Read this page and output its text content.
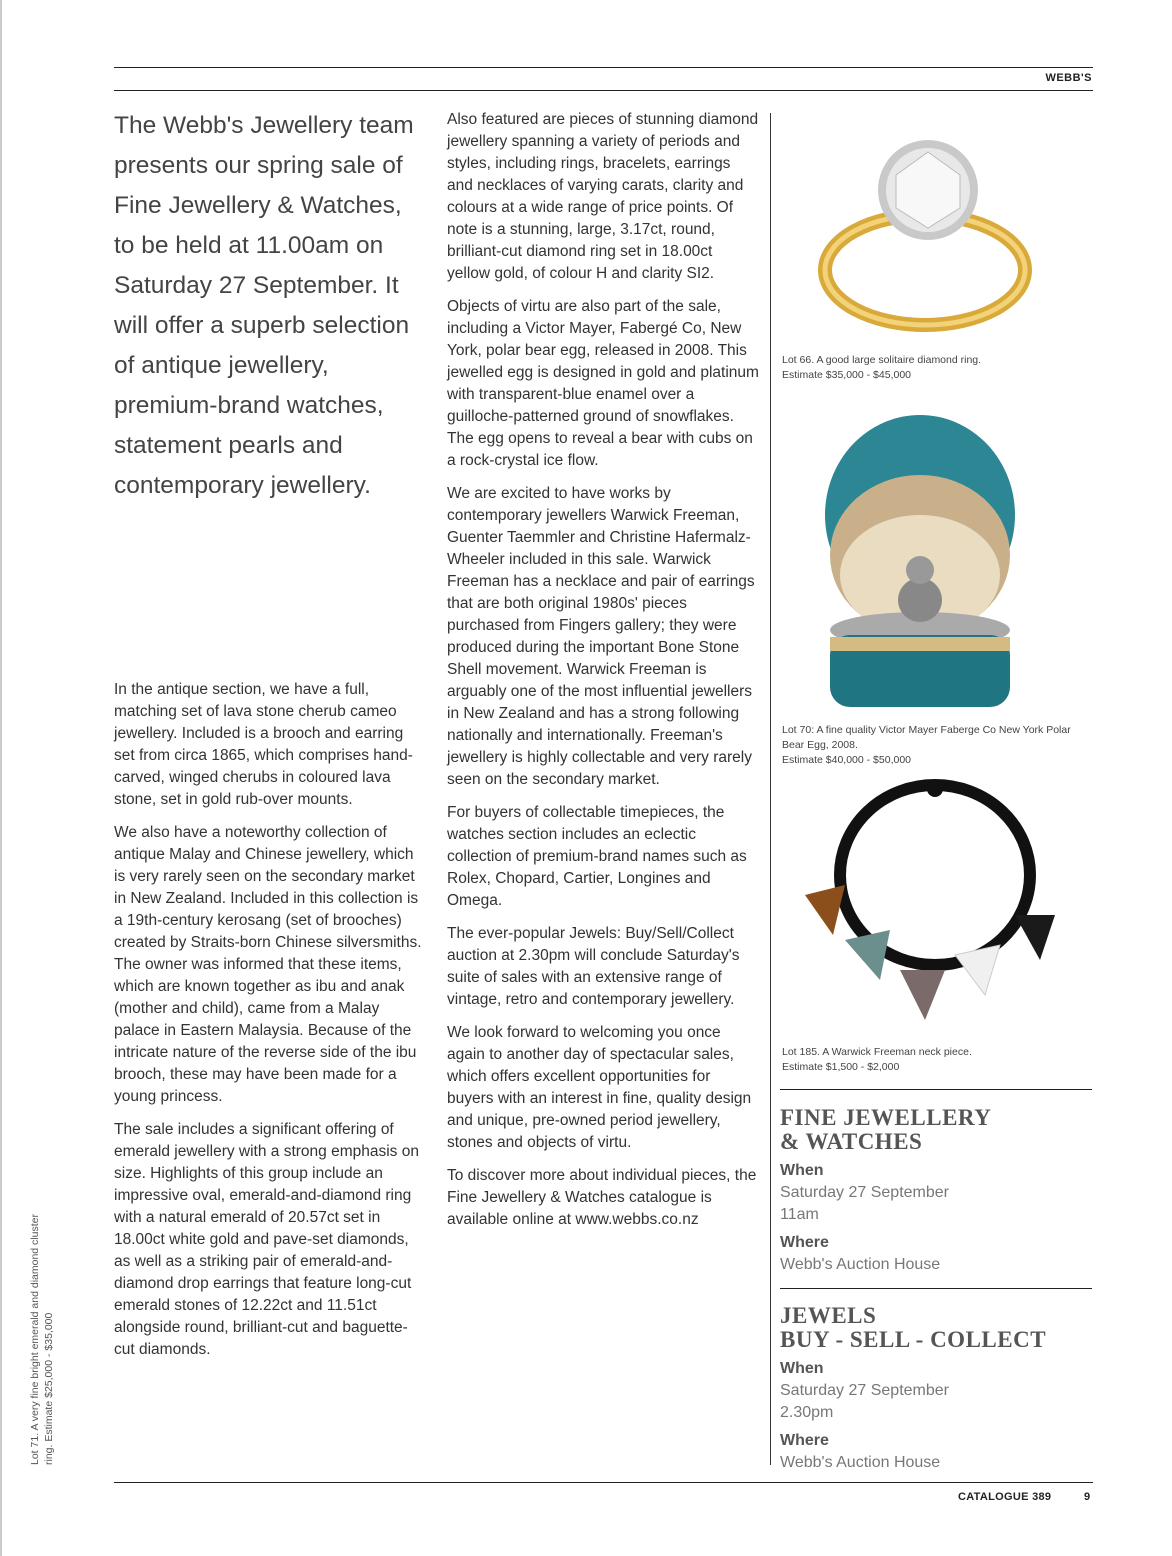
WEBB'S
The Webb's Jewellery team presents our spring sale of Fine Jewellery & Watches, to be held at 11.00am on Saturday 27 September. It will offer a superb selection of antique jewellery, premium-brand watches, statement pearls and contemporary jewellery.

In the antique section, we have a full, matching set of lava stone cherub cameo jewellery. Included is a brooch and earring set from circa 1865, which comprises hand-carved, winged cherubs in coloured lava stone, set in gold rub-over mounts.

We also have a noteworthy collection of antique Malay and Chinese jewellery, which is very rarely seen on the secondary market in New Zealand. Included in this collection is a 19th-century kerosang (set of brooches) created by Straits-born Chinese silversmiths. The owner was informed that these items, which are known together as ibu and anak (mother and child), came from a Malay palace in Eastern Malaysia. Because of the intricate nature of the reverse side of the ibu brooch, these may have been made for a young princess.

The sale includes a significant offering of emerald jewellery with a strong emphasis on size. Highlights of this group include an impressive oval, emerald-and-diamond ring with a natural emerald of 20.57ct set in 18.00ct white gold and pave-set diamonds, as well as a striking pair of emerald-and-diamond drop earrings that feature long-cut emerald stones of 12.22ct and 11.51ct alongside round, brilliant-cut and baguette-cut diamonds.

Also featured are pieces of stunning diamond jewellery spanning a variety of periods and styles, including rings, bracelets, earrings and necklaces of varying carats, clarity and colours at a wide range of price points. Of note is a stunning, large, 3.17ct, round, brilliant-cut diamond ring set in 18.00ct yellow gold, of colour H and clarity SI2.

Objects of virtu are also part of the sale, including a Victor Mayer, Fabergé Co, New York, polar bear egg, released in 2008. This jewelled egg is designed in gold and platinum with transparent-blue enamel over a guilloche-patterned ground of snowflakes. The egg opens to reveal a bear with cubs on a rock-crystal ice flow.

We are excited to have works by contemporary jewellers Warwick Freeman, Guenter Taemmler and Christine Hafermalz-Wheeler included in this sale. Warwick Freeman has a necklace and pair of earrings that are both original 1980s' pieces purchased from Fingers gallery; they were produced during the important Bone Stone Shell movement. Warwick Freeman is arguably one of the most influential jewellers in New Zealand and has a strong following nationally and internationally. Freeman's jewellery is highly collectable and very rarely seen on the secondary market.

For buyers of collectable timepieces, the watches section includes an eclectic collection of premium-brand names such as Rolex, Chopard, Cartier, Longines and Omega.

The ever-popular Jewels: Buy/Sell/Collect auction at 2.30pm will conclude Saturday's suite of sales with an extensive range of vintage, retro and contemporary jewellery.

We look forward to welcoming you once again to another day of spectacular sales, which offers excellent opportunities for buyers with an interest in fine, quality design and unique, pre-owned period jewellery, stones and objects of virtu.

To discover more about individual pieces, the Fine Jewellery & Watches catalogue is available online at www.webbs.co.nz

Lot 66. A good large solitaire diamond ring.
Estimate $35,000 - $45,000
Lot 70: A fine quality Victor Mayer Faberge Co New York Polar Bear Egg, 2008.
Estimate $40,000 - $50,000
Lot 185. A Warwick Freeman neck piece.
Estimate $1,500 - $2,000
FINE JEWELLERY
& WATCHES
When
Saturday 27 September
11am
Where
Webb's Auction House
JEWELS
BUY - SELL - COLLECT
When
Saturday 27 September
2.30pm
Where
Webb's Auction House
Lot 71. A very fine bright emerald and diamond cluster ring. Estimate $25,000 - $35,000
CATALOGUE 389	9
